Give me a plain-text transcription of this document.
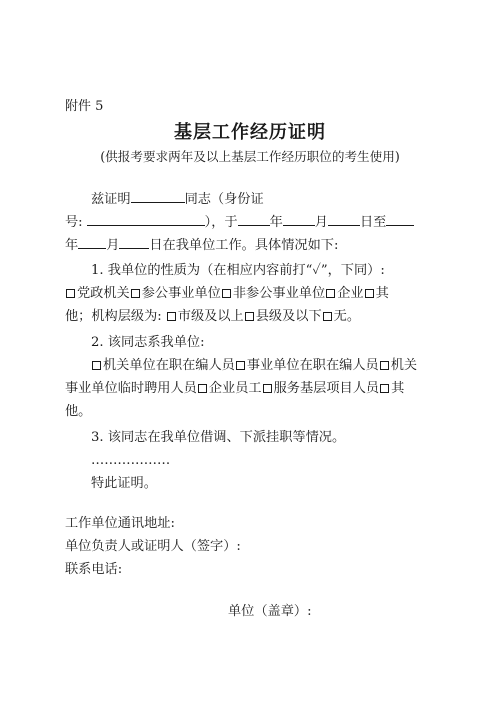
附件 5
基层工作经历证明
(供报考要求两年及以上基层工作经历职位的考生使用)
兹证明	同志（身份证
号:	），于 年 月 日至
年 月 日在我单位工作。具体情况如下:
1. 我单位的性质为（在相应内容前打“✓”，下同）:
党政机关 参公事业单位 非参公事业单位 企业 其
他；机构层级为: 市级及以上 县级及以下 无。
2. 该同志系我单位:
机关单位在职在编人员 事业单位在职在编人员 机关
事业单位临时聘用人员 企业员工 服务基层项目人员 其
他。
3. 该同志在我单位借调、下派挂职等情况。
………………
特此证明。
工作单位通讯地址:
单位负责人或证明人（签字）:
联系电话:
单位（盖章）:
